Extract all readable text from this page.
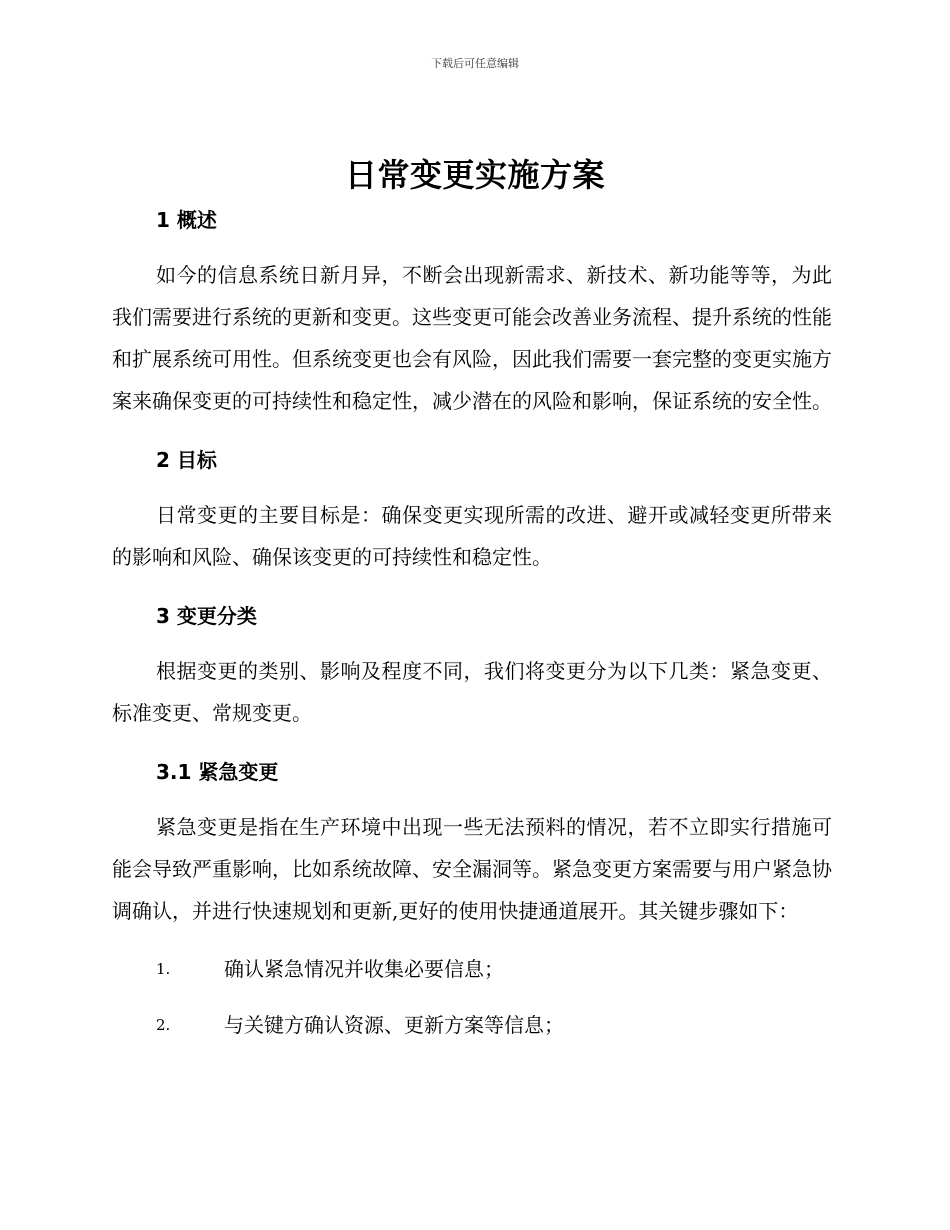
下载后可任意编辑
日常变更实施方案

1 概述

如今的信息系统日新月异，不断会出现新需求、新技术、新功能等等，为此我们需要进行系统的更新和变更。这些变更可能会改善业务流程、提升系统的性能和扩展系统可用性。但系统变更也会有风险，因此我们需要一套完整的变更实施方案来确保变更的可持续性和稳定性，减少潜在的风险和影响，保证系统的安全性。

2 目标

日常变更的主要目标是：确保变更实现所需的改进、避开或减轻变更所带来的影响和风险、确保该变更的可持续性和稳定性。

3 变更分类

根据变更的类别、影响及程度不同，我们将变更分为以下几类：紧急变更、标准变更、常规变更。

3.1 紧急变更

紧急变更是指在生产环境中出现一些无法预料的情况，若不立即实行措施可能会导致严重影响，比如系统故障、安全漏洞等。紧急变更方案需要与用户紧急协调确认，并进行快速规划和更新,更好的使用快捷通道展开。其关键步骤如下：

1.	确认紧急情况并收集必要信息；
2.	与关键方确认资源、更新方案等信息；
